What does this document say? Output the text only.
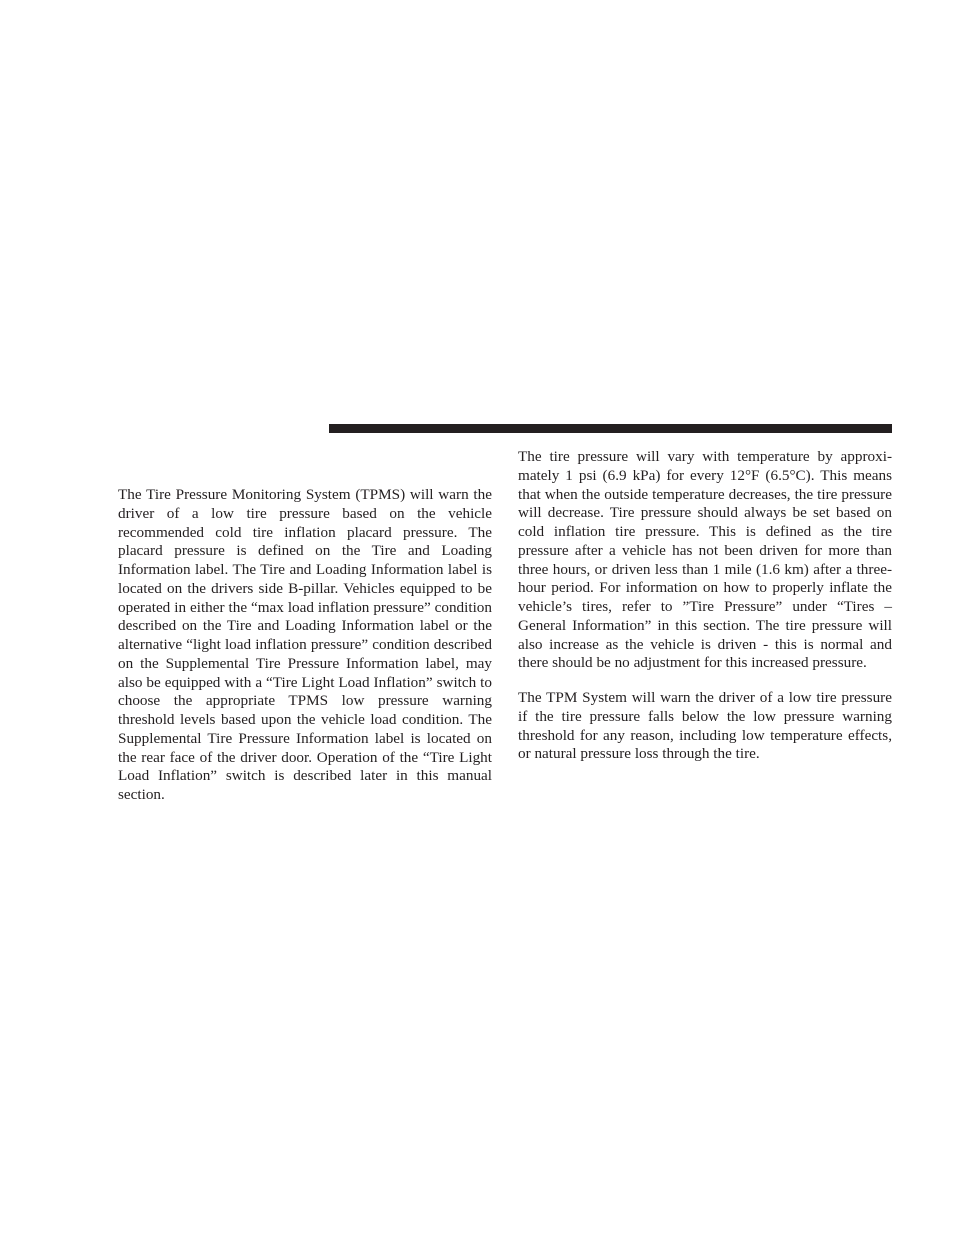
The Tire Pressure Monitoring System (TPMS) will warn the driver of a low tire pressure based on the vehicle recommended cold tire inflation placard pressure. The placard pressure is defined on the Tire and Loading Information label. The Tire and Loading Information label is located on the drivers side B-pillar. Vehicles equipped to be operated in either the “max load inflation pressure” condition described on the Tire and Loading Information label or the alternative “light load inflation pressure” condition described on the Supplemental Tire Pressure Information label, may also be equipped with a “Tire Light Load Inflation” switch to choose the appropriate TPMS low pressure warning threshold levels based upon the vehicle load condition. The Supplemental Tire Pressure Information label is located on the rear face of the driver door. Operation of the “Tire Light Load Inflation” switch is described later in this manual section.

The tire pressure will vary with temperature by approximately 1 psi (6.9 kPa) for every 12°F (6.5°C). This means that when the outside temperature decreases, the tire pressure will decrease. Tire pressure should always be set based on cold inflation tire pressure. This is defined as the tire pressure after a vehicle has not been driven for more than three hours, or driven less than 1 mile (1.6 km) after a three-hour period. For information on how to properly inflate the vehicle’s tires, refer to ”Tire Pressure” under “Tires – General Information” in this section. The tire pressure will also increase as the vehicle is driven - this is normal and there should be no adjustment for this increased pressure.

The TPM System will warn the driver of a low tire pressure if the tire pressure falls below the low pressure warning threshold for any reason, including low temperature effects, or natural pressure loss through the tire.
